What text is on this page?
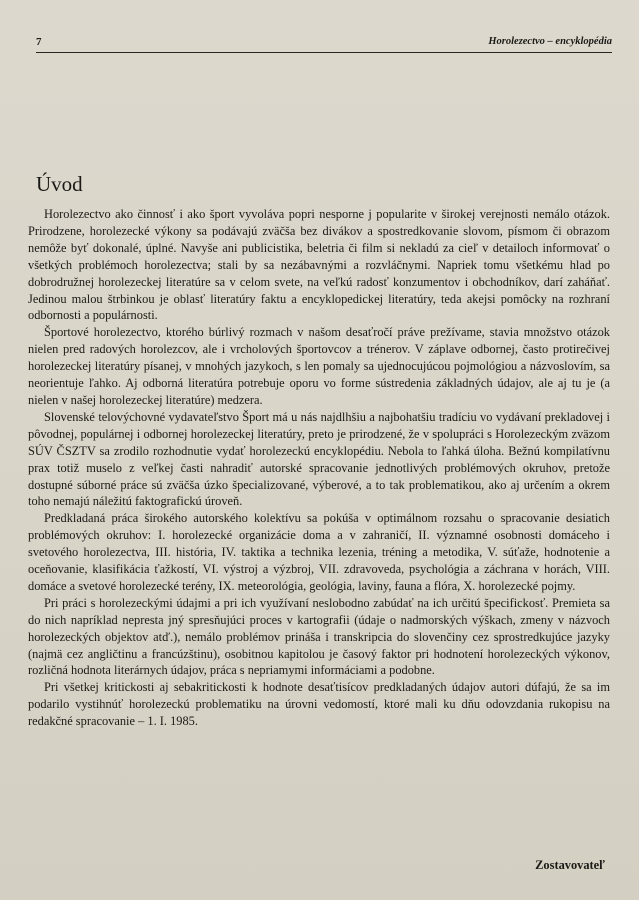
7	Horolezectvo – encyklopédia
Úvod

Horolezectvo ako činnosť i ako šport vyvoláva popri nesporne j popularite v širokej verejnosti nemálo otázok. Prirodzene, horolezecké výkony sa podávajú zväčša bez divákov a spostredkovanie slovom, písmom či obrazom nemôže byť dokonalé, úplné. Navyše ani publicistika, beletria či film si nekladú za cieľ v detailoch informovať o všetkých problémoch horolezectva; stali by sa nezábavnými a rozvláčnymi. Napriek tomu všetkému hlad po dobrodružnej horolezeckej literatúre sa v celom svete, na veľkú radosť konzumentov i obchodníkov, darí zaháňať. Jedinou malou štrbinkou je oblasť literatúry faktu a encyklopedickej literatúry, teda akejsi pomôcky na rozhraní odbornosti a populárnosti.

Športové horolezectvo, ktorého búrlivý rozmach v našom desaťročí práve prežívame, stavia množstvo otázok nielen pred radových horolezcov, ale i vrcholových športovcov a trénerov. V záplave odbornej, často protirečivej horolezeckej literatúry písanej, v mnohých jazykoch, s len pomaly sa ujednocujúcou pojmológiou a názvoslovím, sa neorientuje ľahko. Aj odborná literatúra potrebuje oporu vo forme sústredenia základných údajov, ale aj tu je (a nielen v našej horolezeckej literatúre) medzera.

Slovenské telovýchovné vydavateľstvo Šport má u nás najdlhšiu a najbohatšiu tradíciu vo vydávaní prekladovej i pôvodnej, populárnej i odbornej horolezeckej literatúry, preto je prirodzené, že v spolupráci s Horolezeckým zväzom SÚV ČSZTV sa zrodilo rozhodnutie vydať horolezeckú encyklopédiu. Nebola to ľahká úloha. Bežnú kompilatívnu prax totiž muselo z veľkej časti nahradiť autorské spracovanie jednotlivých problémových okruhov, pretože dostupné súborné práce sú zväčša úzko špecializované, výberové, a to tak problematikou, ako aj určením a okrem toho nemajú náležitú faktografickú úroveň.

Predkladaná práca širokého autorského kolektívu sa pokúša v optimálnom rozsahu o spracovanie desiatich problémových okruhov: I. horolezecké organizácie doma a v zahraničí, II. významné osobnosti domáceho i svetového horolezectva, III. história, IV. taktika a technika lezenia, tréning a metodika, V. súťaže, hodnotenie a oceňovanie, klasifikácia ťažkostí, VI. výstroj a výzbroj, VII. zdravoveda, psychológia a záchrana v horách, VIII. domáce a svetové horolezecké terény, IX. meteorológia, geológia, laviny, fauna a flóra, X. horolezecké pojmy.

Pri práci s horolezeckými údajmi a pri ich využívaní neslobodno zabúdať na ich určitú špecifickosť. Premieta sa do nich napríklad nepresta jný spresňujúci proces v kartografii (údaje o nadmorských výškach, zmeny v názvoch horolezeckých objektov atď.), nemálo problémov prináša i transkripcia do slovenčiny cez sprostredkujúce jazyky (najmä cez angličtinu a francúzštinu), osobitnou kapitolou je časový faktor pri hodnotení horolezeckých výkonov, rozličná hodnota literárnych údajov, práca s nepriamymi informáciami a podobne.

Pri všetkej kritickosti aj sebakritickosti k hodnote desaťtisícov predkladaných údajov autori dúfajú, že sa im podarilo vystihnúť horolezeckú problematiku na úrovni vedomostí, ktoré mali ku dňu odovzdania rukopisu na redakčné spracovanie – 1. I. 1985.

Zostavovateľ
